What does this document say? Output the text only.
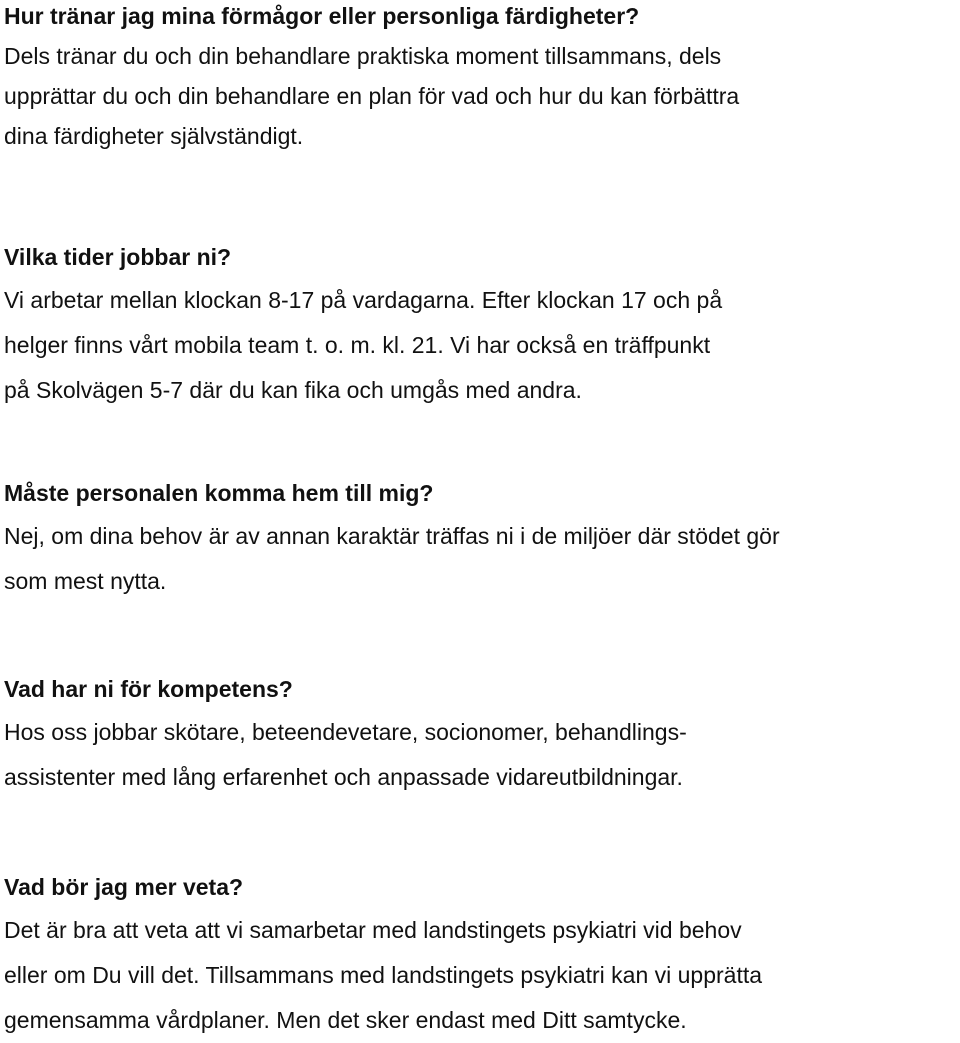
Hur tränar jag mina förmågor eller personliga färdigheter?
Dels tränar du och din behandlare praktiska moment tillsammans, dels
upprättar du och din behandlare en plan för vad och hur du kan förbättra
dina färdigheter självständigt.
Vilka tider jobbar ni?
Vi arbetar mellan klockan 8-17 på vardagarna. Efter klockan 17 och på
helger finns vårt mobila team t. o. m. kl. 21. Vi har också en träffpunkt
på Skolvägen 5-7 där du kan fika och umgås med andra.
Måste personalen komma hem till mig?
Nej, om dina behov är av annan karaktär träffas ni i de miljöer där stödet gör
som mest nytta.
Vad har ni för kompetens?
Hos oss jobbar skötare, beteendevetare, socionomer, behandlings-
assistenter med lång erfarenhet och anpassade vidareutbildningar.
Vad bör jag mer veta?
Det är bra att veta att vi samarbetar med landstingets psykiatri vid behov
eller om Du vill det. Tillsammans med landstingets psykiatri kan vi upprätta
gemensamma vårdplaner. Men det sker endast med Ditt samtycke.
